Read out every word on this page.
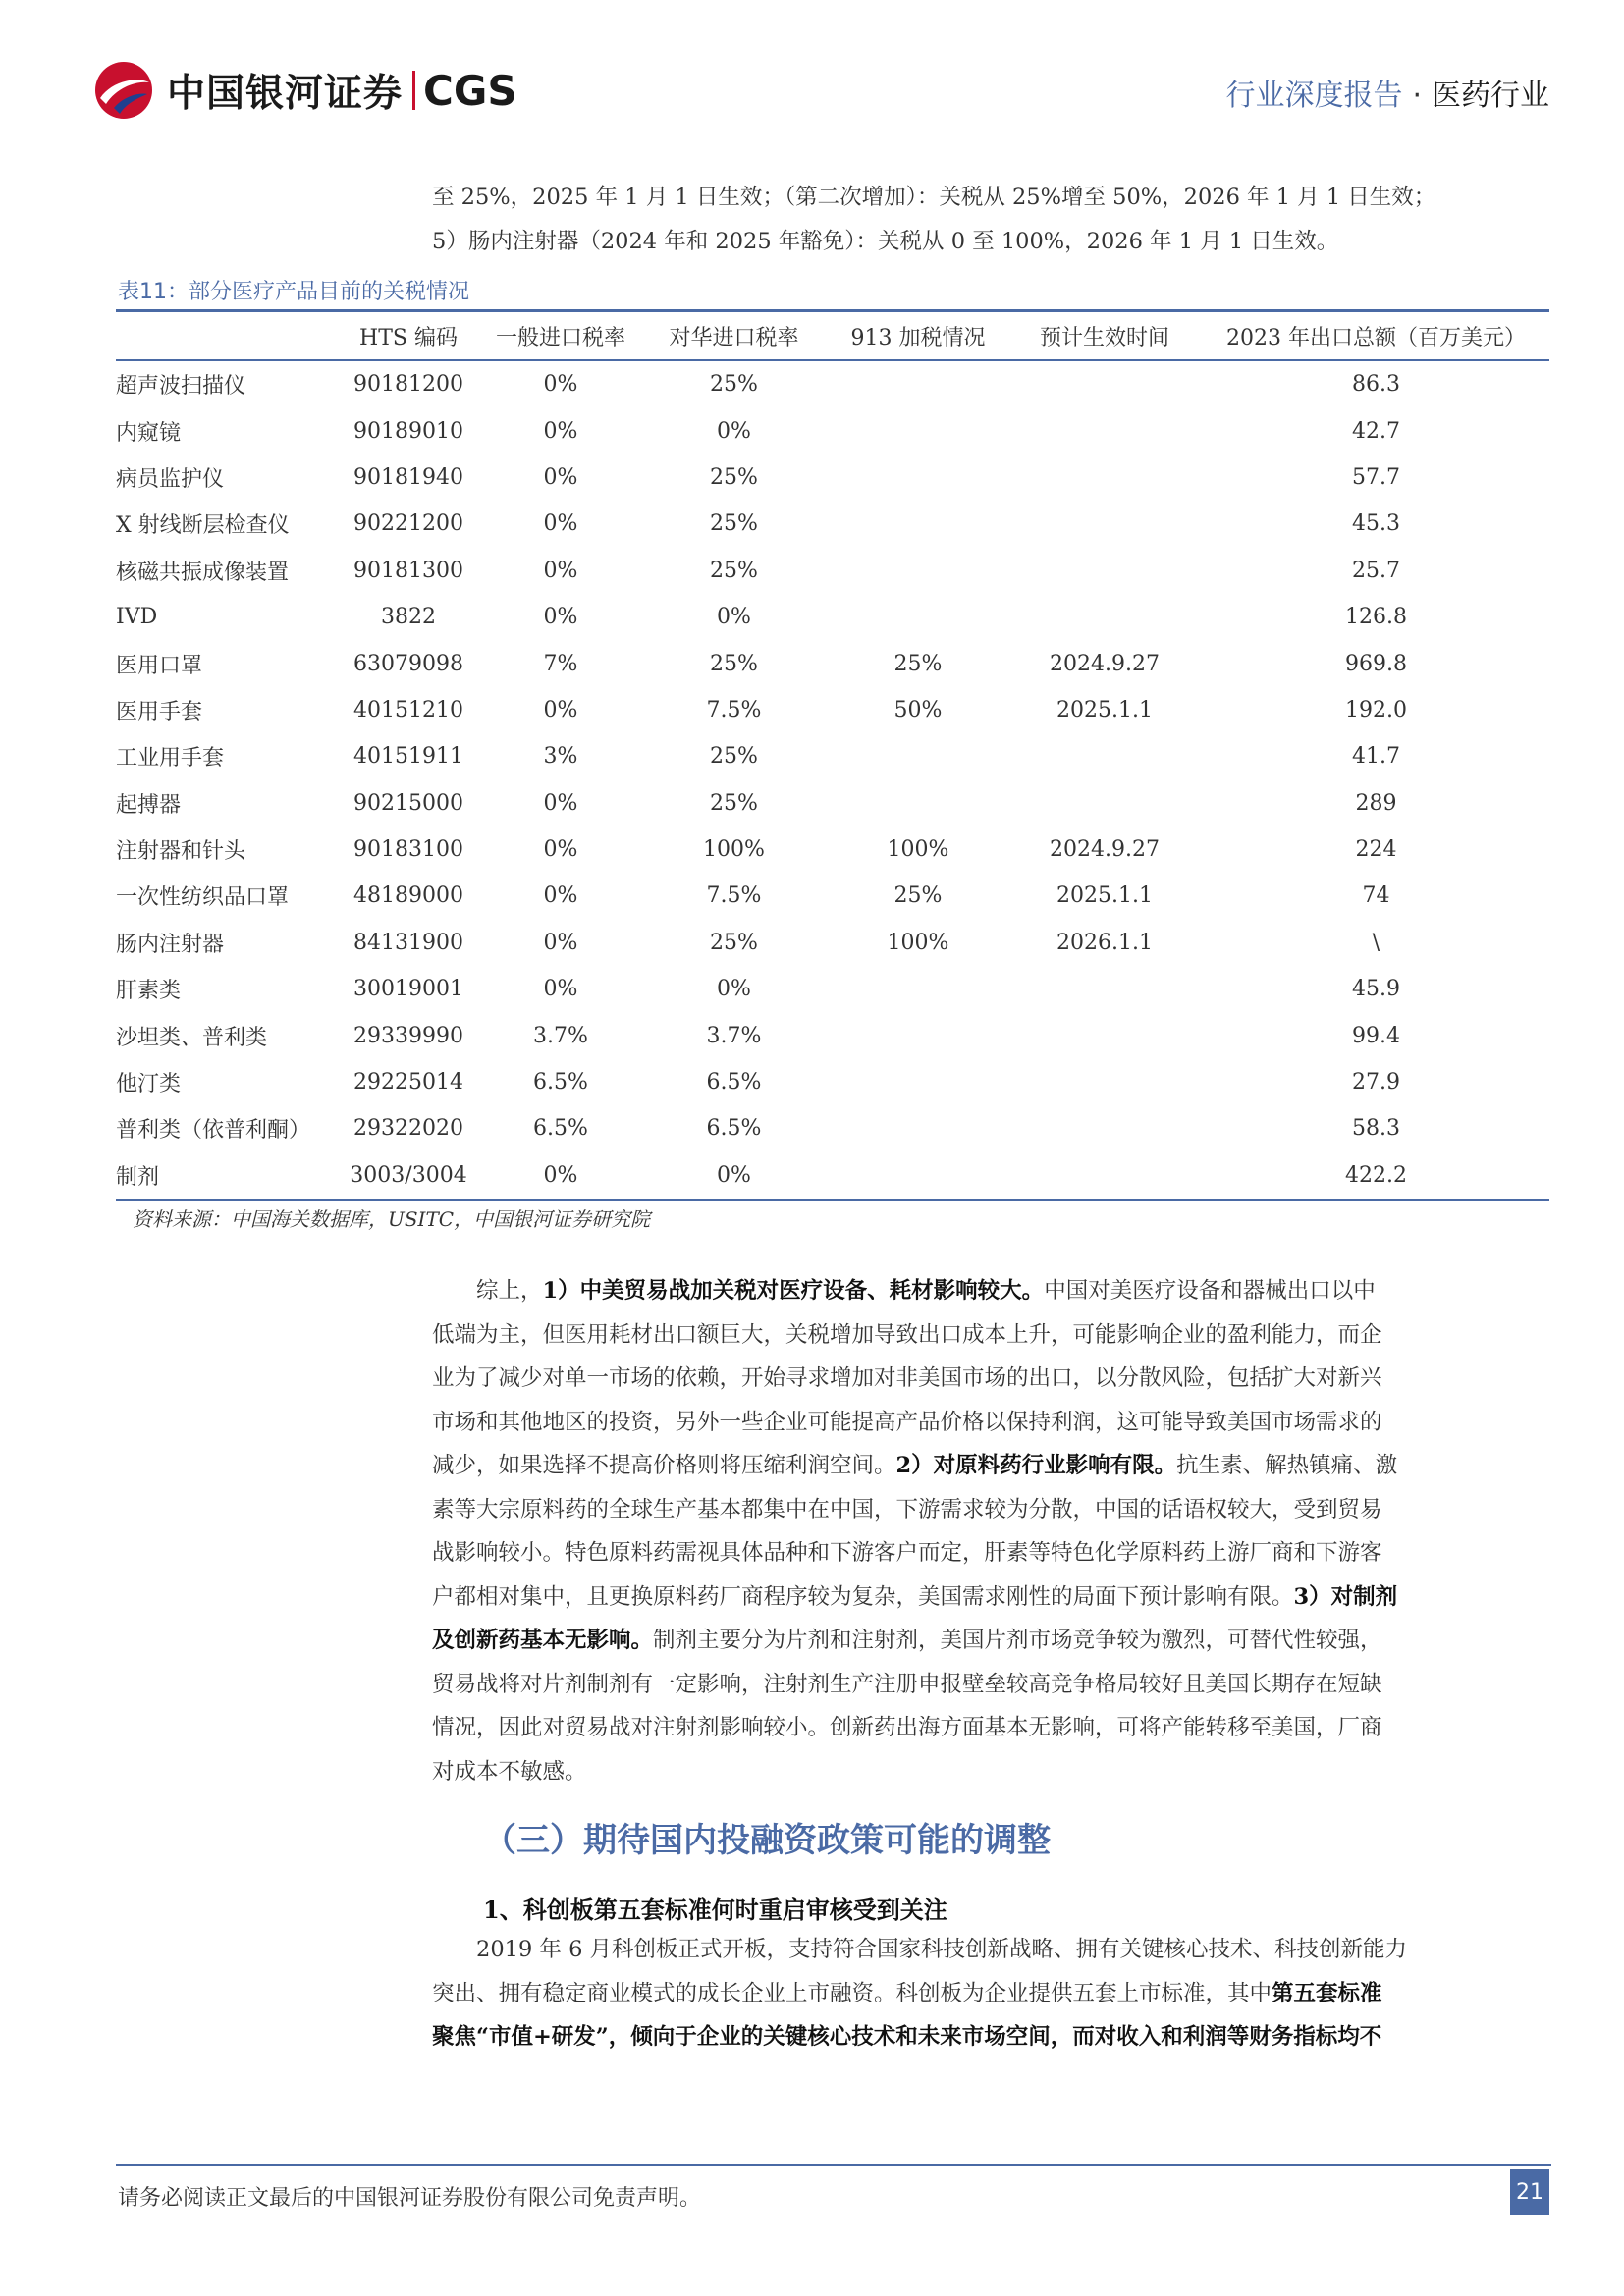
中国银河证券 CGS	行业深度报告 · 医药行业
至 25%，2025 年 1 月 1 日生效；（第二次增加）：关税从 25%增至 50%，2026 年 1 月 1 日生效；
5）肠内注射器（2024 年和 2025 年豁免）：关税从 0 至 100%，2026 年 1 月 1 日生效。
表11：部分医疗产品目前的关税情况
	HTS 编码	一般进口税率	对华进口税率	913 加税情况	预计生效时间	2023 年出口总额（百万美元）
超声波扫描仪	90181200	0%	25%			86.3
内窥镜	90189010	0%	0%			42.7
病员监护仪	90181940	0%	25%			57.7
X 射线断层检查仪	90221200	0%	25%			45.3
核磁共振成像装置	90181300	0%	25%			25.7
IVD	3822	0%	0%			126.8
医用口罩	63079098	7%	25%	25%	2024.9.27	969.8
医用手套	40151210	0%	7.5%	50%	2025.1.1	192.0
工业用手套	40151911	3%	25%			41.7
起搏器	90215000	0%	25%			289
注射器和针头	90183100	0%	100%	100%	2024.9.27	224
一次性纺织品口罩	48189000	0%	7.5%	25%	2025.1.1	74
肠内注射器	84131900	0%	25%	100%	2026.1.1	\
肝素类	30019001	0%	0%			45.9
沙坦类、普利类	29339990	3.7%	3.7%			99.4
他汀类	29225014	6.5%	6.5%			27.9
普利类（依普利酮）	29322020	6.5%	6.5%			58.3
制剂	3003/3004	0%	0%			422.2
资料来源：中国海关数据库，USITC，中国银河证券研究院
综上，1）中美贸易战加关税对医疗设备、耗材影响较大。中国对美医疗设备和器械出口以中
低端为主，但医用耗材出口额巨大，关税增加导致出口成本上升，可能影响企业的盈利能力，而企
业为了减少对单一市场的依赖，开始寻求增加对非美国市场的出口，以分散风险，包括扩大对新兴
市场和其他地区的投资，另外一些企业可能提高产品价格以保持利润，这可能导致美国市场需求的
减少，如果选择不提高价格则将压缩利润空间。2）对原料药行业影响有限。抗生素、解热镇痛、激
素等大宗原料药的全球生产基本都集中在中国，下游需求较为分散，中国的话语权较大，受到贸易
战影响较小。特色原料药需视具体品种和下游客户而定，肝素等特色化学原料药上游厂商和下游客
户都相对集中，且更换原料药厂商程序较为复杂，美国需求刚性的局面下预计影响有限。3）对制剂
及创新药基本无影响。制剂主要分为片剂和注射剂，美国片剂市场竞争较为激烈，可替代性较强，
贸易战将对片剂制剂有一定影响，注射剂生产注册申报壁垒较高竞争格局较好且美国长期存在短缺
情况，因此对贸易战对注射剂影响较小。创新药出海方面基本无影响，可将产能转移至美国，厂商
对成本不敏感。
（三）期待国内投融资政策可能的调整
1、科创板第五套标准何时重启审核受到关注
2019 年 6 月科创板正式开板，支持符合国家科技创新战略、拥有关键核心技术、科技创新能力
突出、拥有稳定商业模式的成长企业上市融资。科创板为企业提供五套上市标准，其中第五套标准
聚焦“市值+研发”，倾向于企业的关键核心技术和未来市场空间，而对收入和利润等财务指标均不
请务必阅读正文最后的中国银河证券股份有限公司免责声明。	21
